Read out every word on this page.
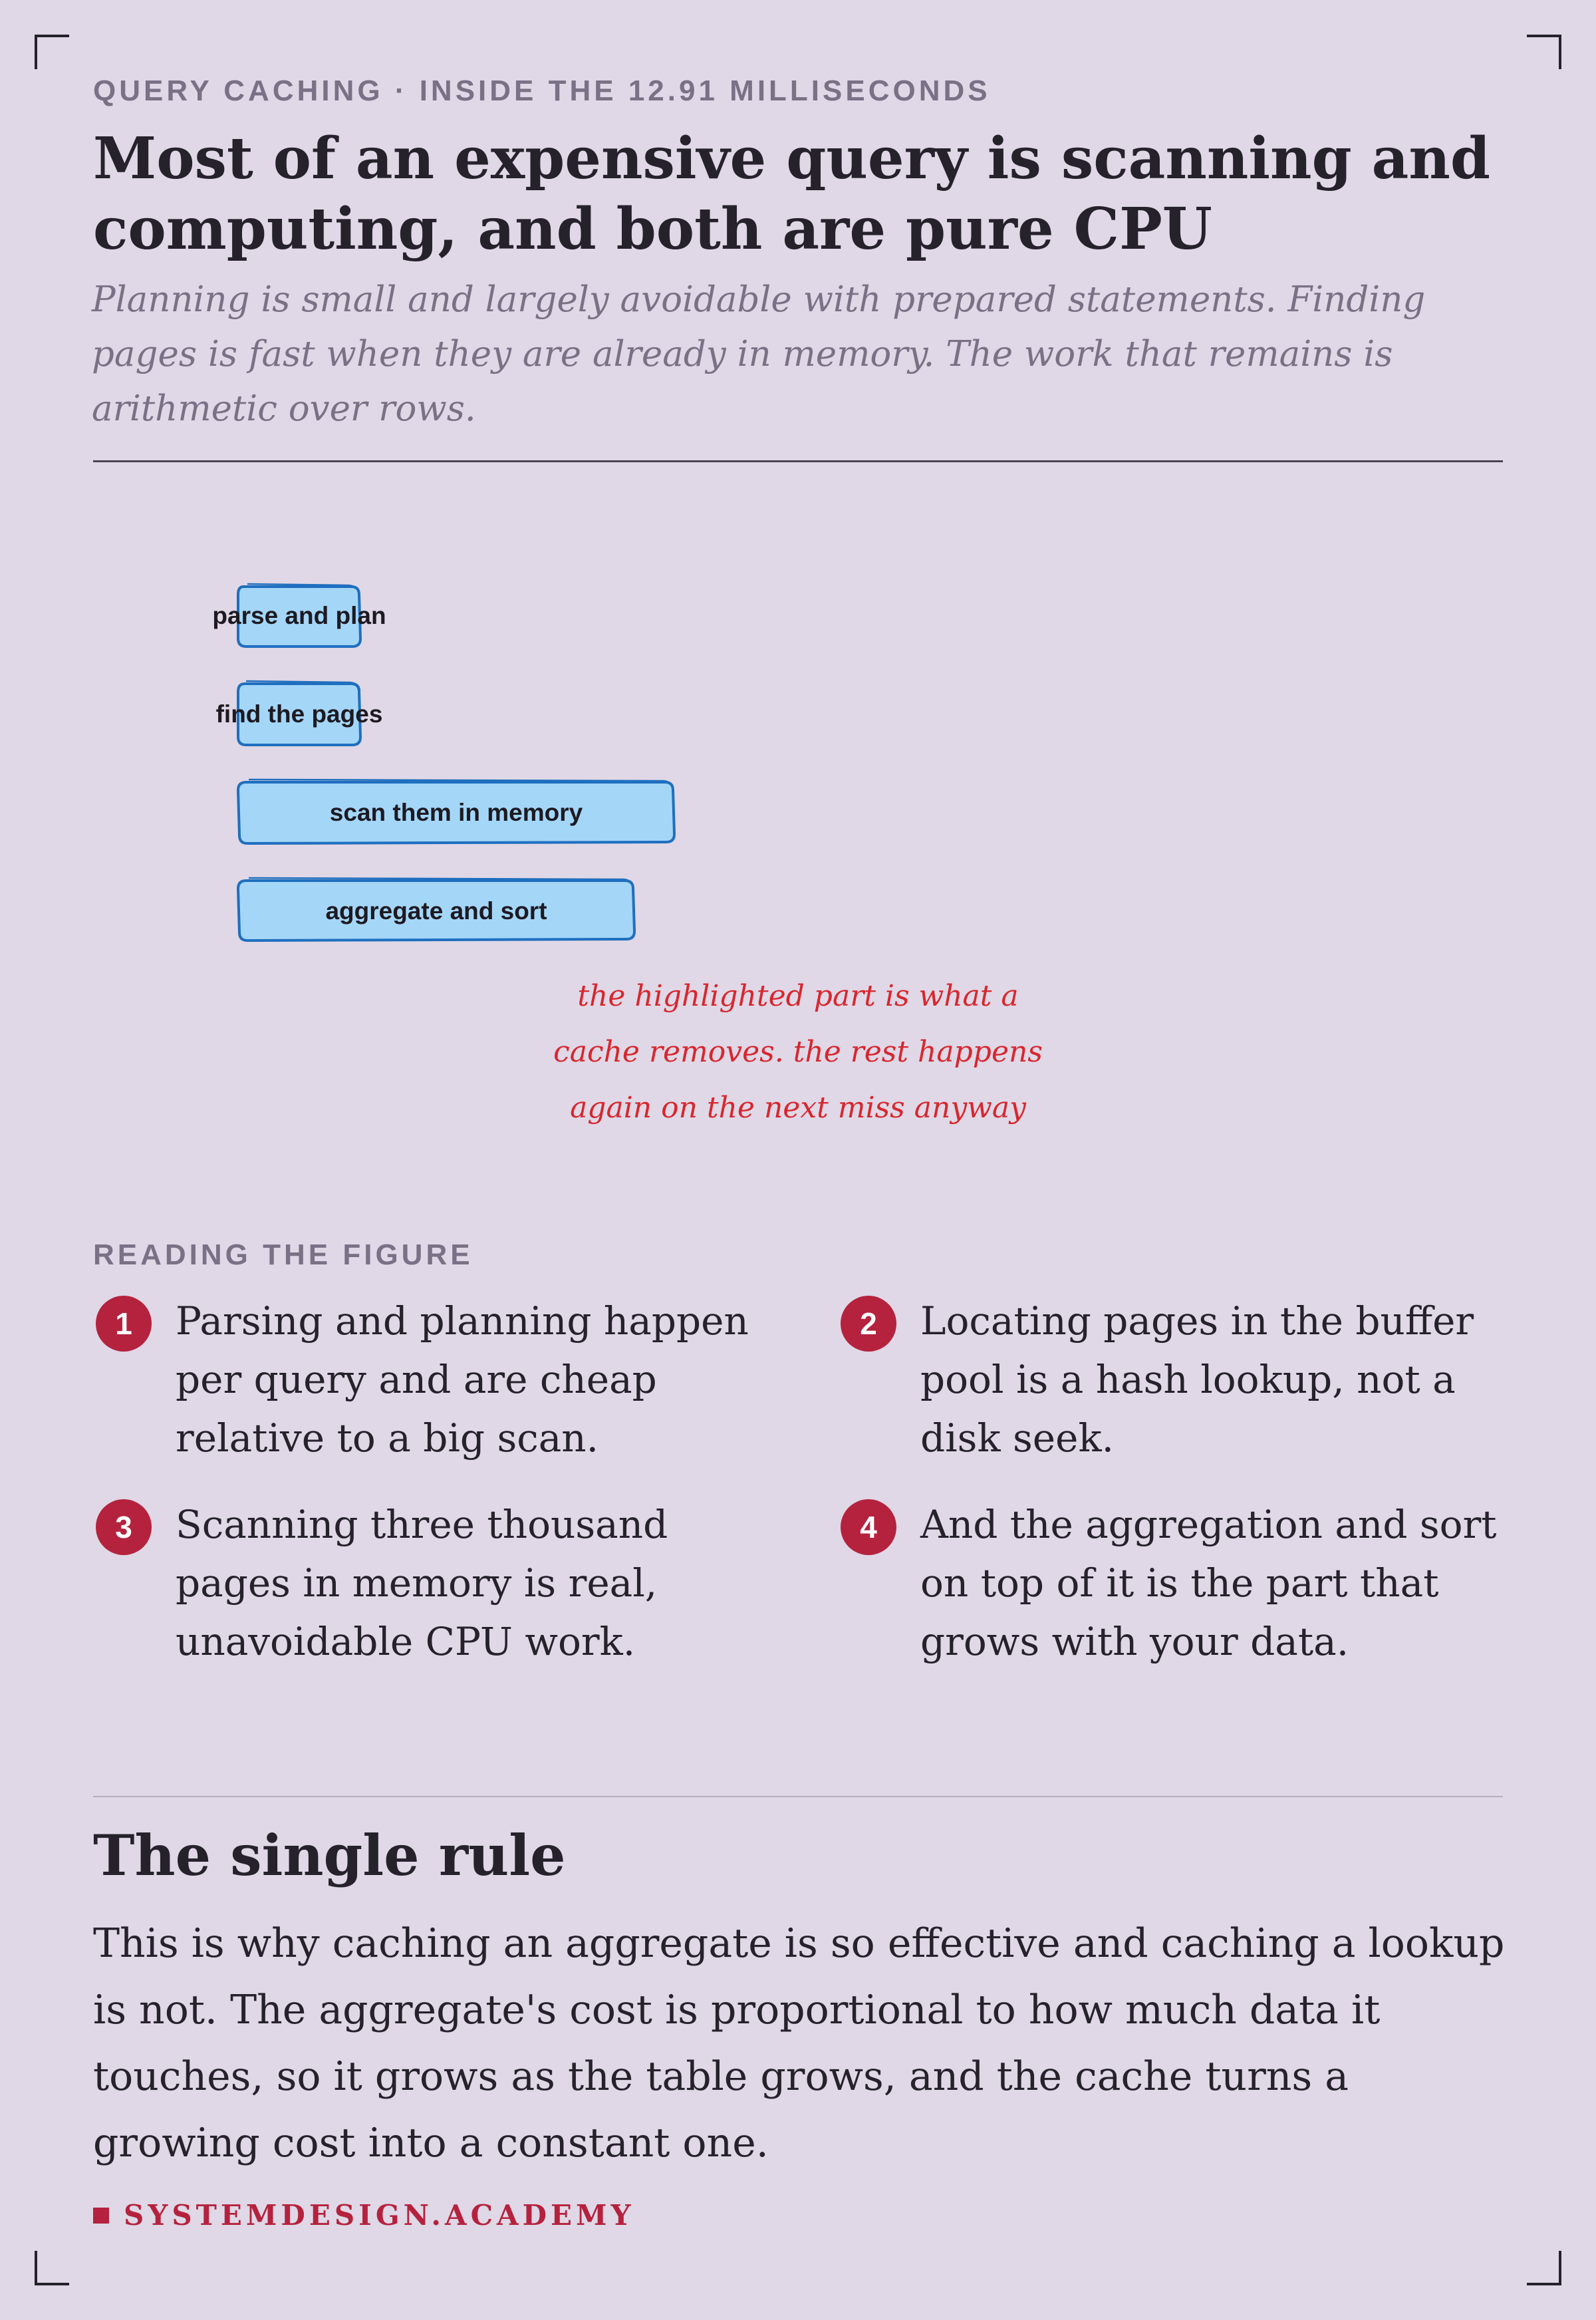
QUERY CACHING · INSIDE THE 12.91 MILLISECONDS
Most of an expensive query is scanning and computing, and both are pure CPU

Planning is small and largely avoidable with prepared statements. Finding pages is fast when they are already in memory. The work that remains is arithmetic over rows.

parse and plan
find the pages
scan them in memory
aggregate and sort
the highlighted part is what a
cache removes. the rest happens
again on the next miss anyway
READING THE FIGURE
1	Parsing and planning happen per query and are cheap relative to a big scan.
2	Locating pages in the buffer pool is a hash lookup, not a disk seek.
3	Scanning three thousand pages in memory is real, unavoidable CPU work.
4	And the aggregation and sort on top of it is the part that grows with your data.
The single rule

This is why caching an aggregate is so effective and caching a lookup is not. The aggregate's cost is proportional to how much data it touches, so it grows as the table grows, and the cache turns a growing cost into a constant one.

SYSTEMDESIGN.ACADEMY
